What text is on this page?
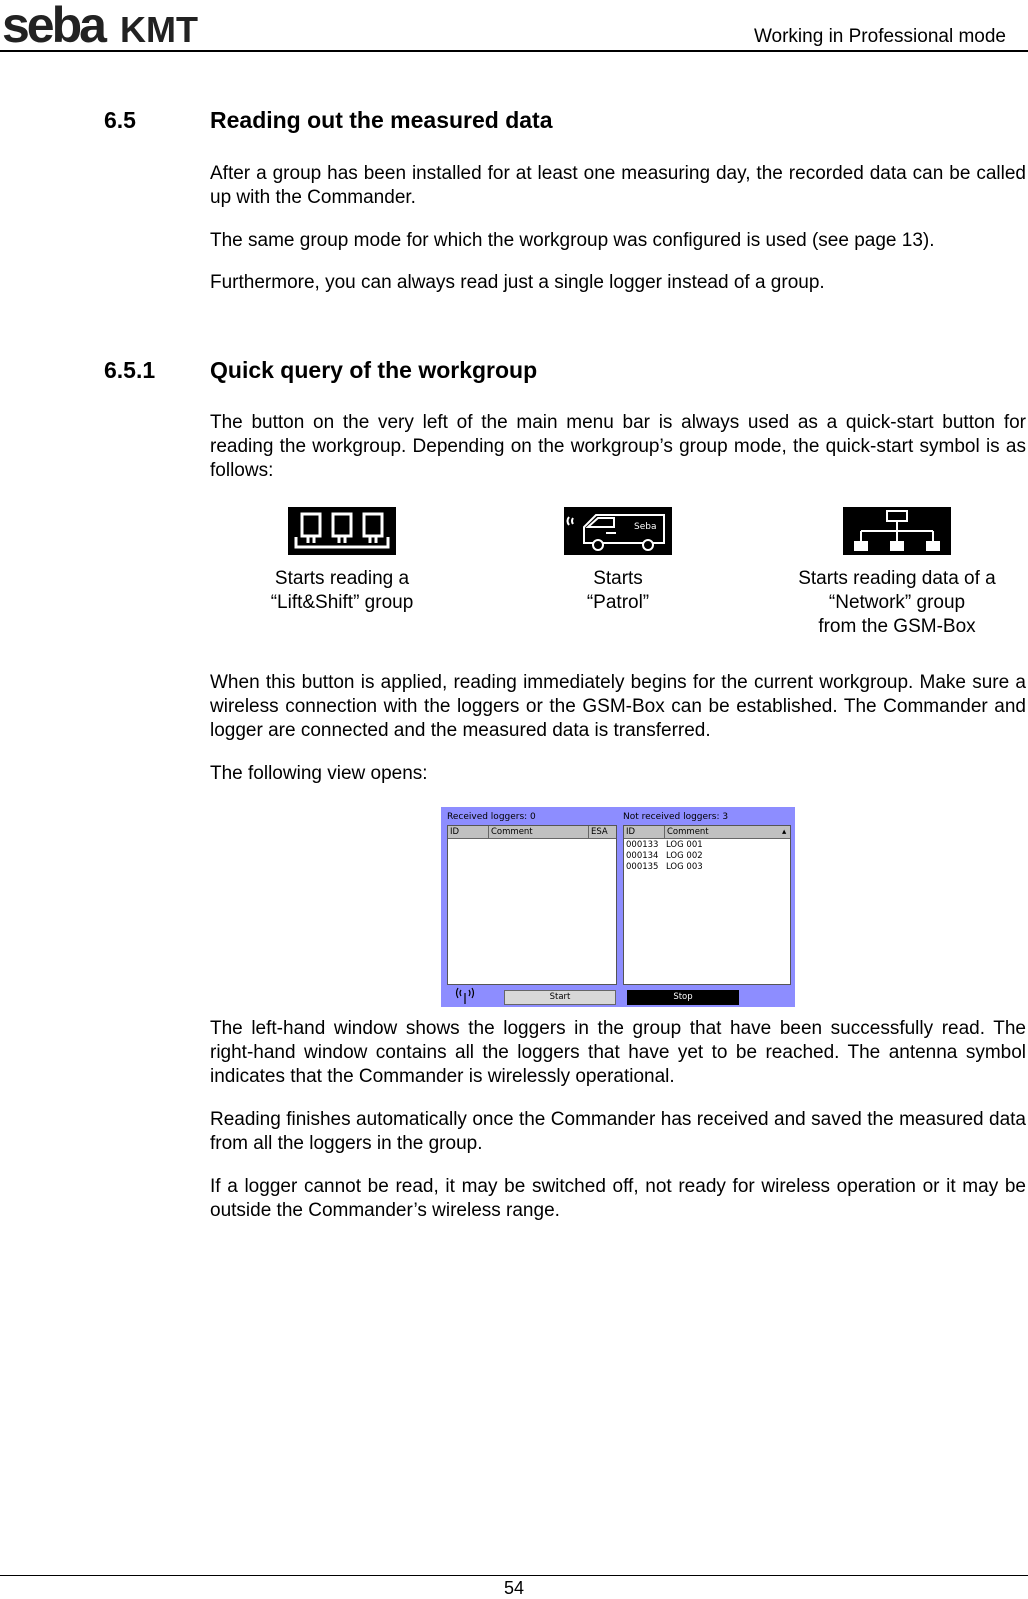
seba KMT	Working in Professional mode
6.5	Reading out the measured data
After a group has been installed for at least one measuring day, the recorded data can be called up with the Commander.
The same group mode for which the workgroup was configured is used (see page 13).
Furthermore, you can always read just a single logger instead of a group.
6.5.1 Quick query of the workgroup
The button on the very left of the main menu bar is always used as a quick-start button for reading the workgroup. Depending on the workgroup’s group mode, the quick-start symbol is as follows:
Starts reading a
“Lift&Shift” group
Seba
Starts
“Patrol”
Starts reading data of a
“Network” group
from the GSM-Box
When this button is applied, reading immediately begins for the current workgroup. Make sure a wireless connection with the loggers or the GSM-Box can be established. The Commander and logger are connected and the measured data is transferred.
The following view opens:
Received loggers: 0	Not received loggers: 3
ID	Comment	ESA ID	Comment	▴
000133 LOG 001
000134 LOG 002
000135 LOG 003
Start	Stop
The left-hand window shows the loggers in the group that have been successfully read. The right-hand window contains all the loggers that have yet to be reached. The antenna symbol indicates that the Commander is wirelessly operational.
Reading finishes automatically once the Commander has received and saved the measured data from all the loggers in the group.
If a logger cannot be read, it may be switched off, not ready for wireless operation or it may be outside the Commander’s wireless range.
54
